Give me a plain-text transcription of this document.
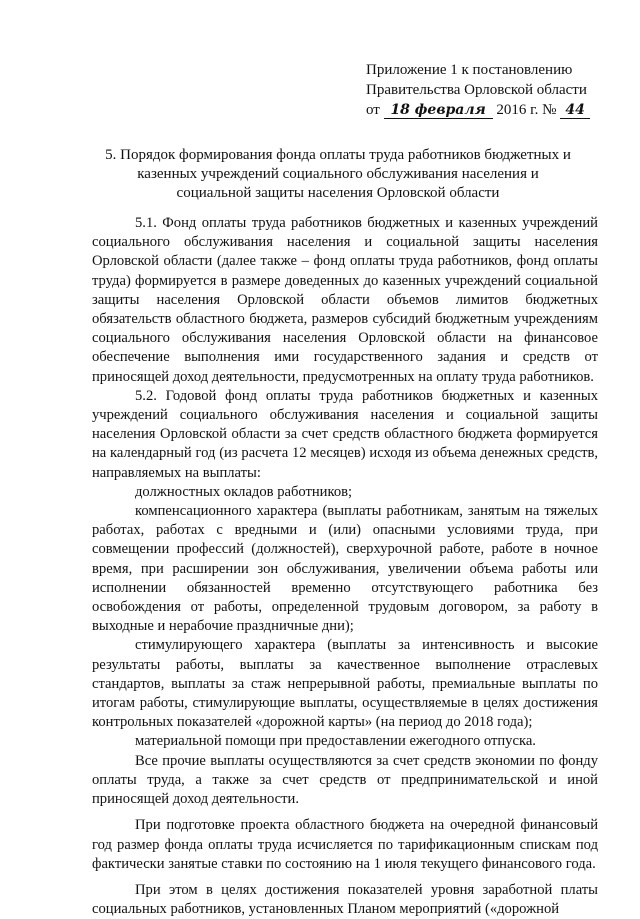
Приложение 1 к постановлению
Правительства Орловской области
от 18 февраля 2016 г. № 44
5. Порядок формирования фонда оплаты труда работников бюджетных и казенных учреждений социального обслуживания населения и социальной защиты населения Орловской области

5.1. Фонд оплаты труда работников бюджетных и казенных учреждений социального обслуживания населения и социальной защиты населения Орловской области (далее также – фонд оплаты труда работников, фонд оплаты труда) формируется в размере доведенных до казенных учреждений социальной защиты населения Орловской области объемов лимитов бюджетных обязательств областного бюджета, размеров субсидий бюджетным учреждениям социального обслуживания населения Орловской области на финансовое обеспечение выполнения ими государственного задания и средств от приносящей доход деятельности, предусмотренных на оплату труда работников.

5.2. Годовой фонд оплаты труда работников бюджетных и казенных учреждений социального обслуживания населения и социальной защиты населения Орловской области за счет средств областного бюджета формируется на календарный год (из расчета 12 месяцев) исходя из объема денежных средств, направляемых на выплаты:

должностных окладов работников;

компенсационного характера (выплаты работникам, занятым на тяжелых работах, работах с вредными и (или) опасными условиями труда, при совмещении профессий (должностей), сверхурочной работе, работе в ночное время, при расширении зон обслуживания, увеличении объема работы или исполнении обязанностей временно отсутствующего работника без освобождения от работы, определенной трудовым договором, за работу в выходные и нерабочие праздничные дни);

стимулирующего характера (выплаты за интенсивность и высокие результаты работы, выплаты за качественное выполнение отраслевых стандартов, выплаты за стаж непрерывной работы, премиальные выплаты по итогам работы, стимулирующие выплаты, осуществляемые в целях достижения контрольных показателей «дорожной карты» (на период до 2018 года);

материальной помощи при предоставлении ежегодного отпуска.

Все прочие выплаты осуществляются за счет средств экономии по фонду оплаты труда, а также за счет средств от предпринимательской и иной приносящей доход деятельности.

При подготовке проекта областного бюджета на очередной финансовый год размер фонда оплаты труда исчисляется по тарификационным спискам под фактически занятые ставки по состоянию на 1 июля текущего финансового года.

При этом в целях достижения показателей уровня заработной платы социальных работников, установленных Планом мероприятий («дорожной
